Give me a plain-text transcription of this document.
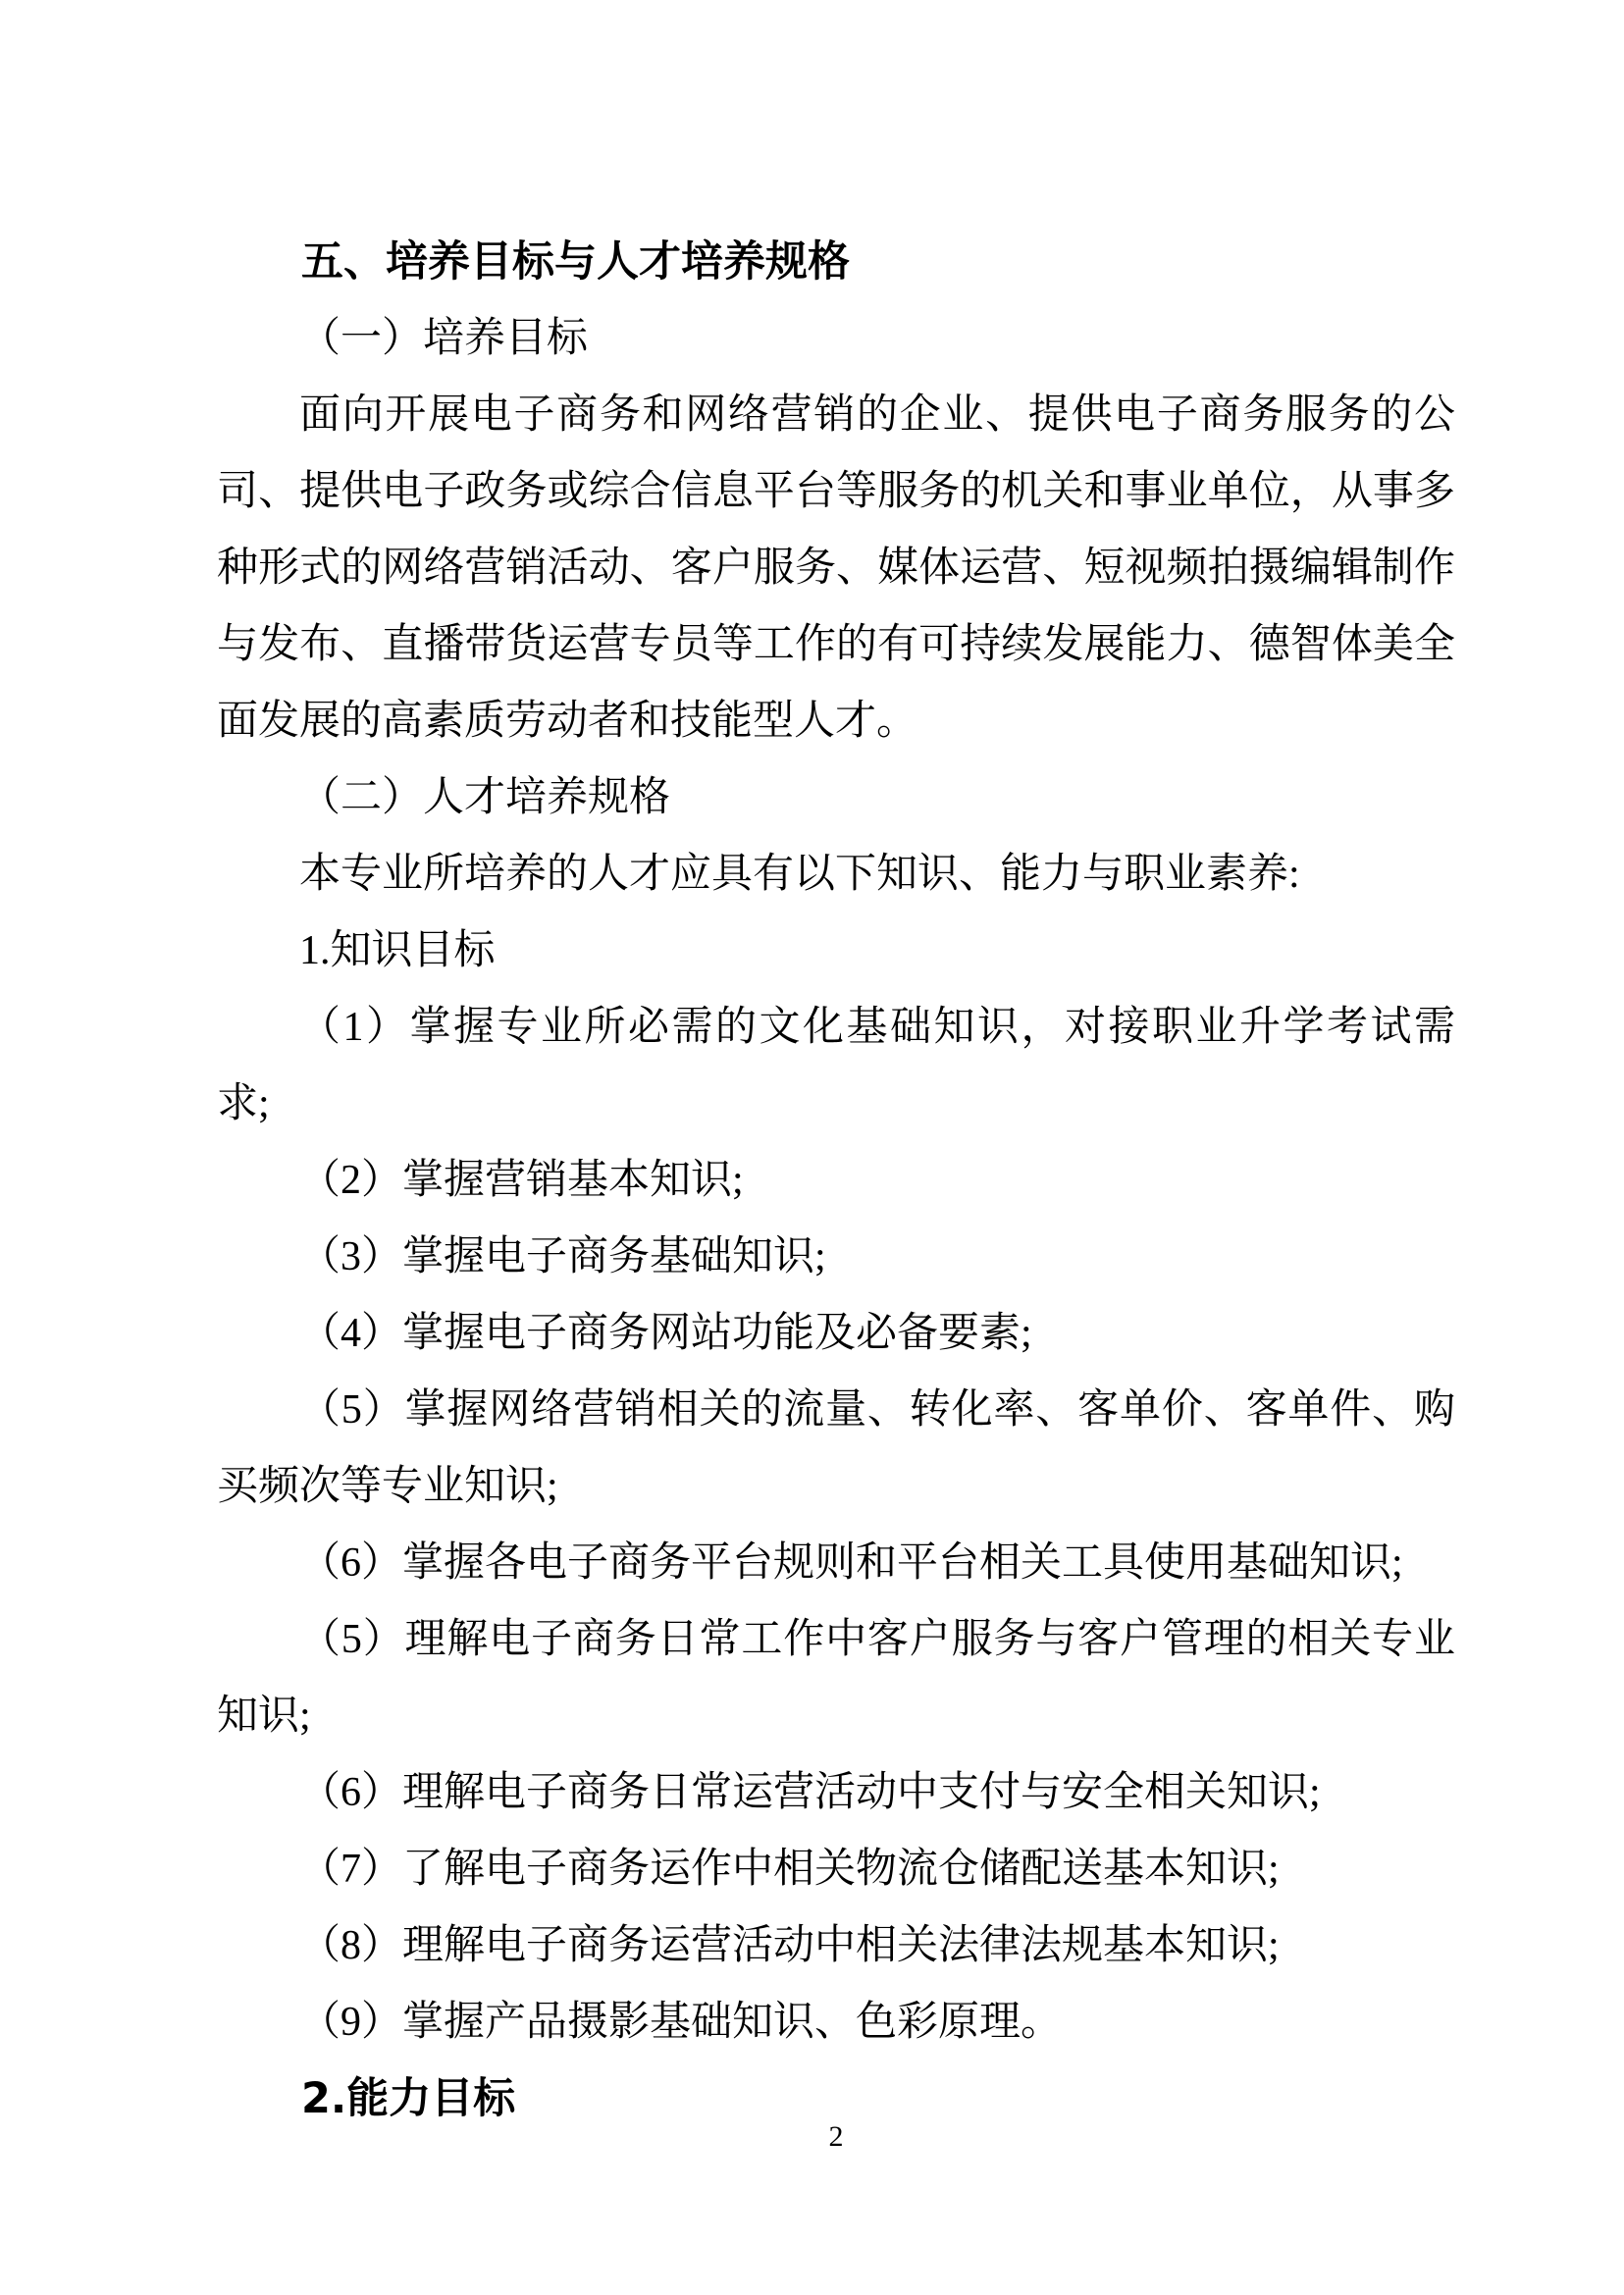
五、培养目标与人才培养规格
（一）培养目标
面向开展电子商务和网络营销的企业、提供电子商务服务的公
司、提供电子政务或综合信息平台等服务的机关和事业单位，从事多
种形式的网络营销活动、客户服务、媒体运营、短视频拍摄编辑制作
与发布、直播带货运营专员等工作的有可持续发展能力、德智体美全
面发展的高素质劳动者和技能型人才。
（二）人才培养规格
本专业所培养的人才应具有以下知识、能力与职业素养:
1.知识目标
（1）掌握专业所必需的文化基础知识，对接职业升学考试需
求;
（2）掌握营销基本知识;
（3）掌握电子商务基础知识;
（4）掌握电子商务网站功能及必备要素;
（5）掌握网络营销相关的流量、转化率、客单价、客单件、购
买频次等专业知识;
（6）掌握各电子商务平台规则和平台相关工具使用基础知识;
（5）理解电子商务日常工作中客户服务与客户管理的相关专业
知识;
（6）理解电子商务日常运营活动中支付与安全相关知识;
（7）了解电子商务运作中相关物流仓储配送基本知识;
（8）理解电子商务运营活动中相关法律法规基本知识;
（9）掌握产品摄影基础知识、色彩原理。
2.能力目标
2
